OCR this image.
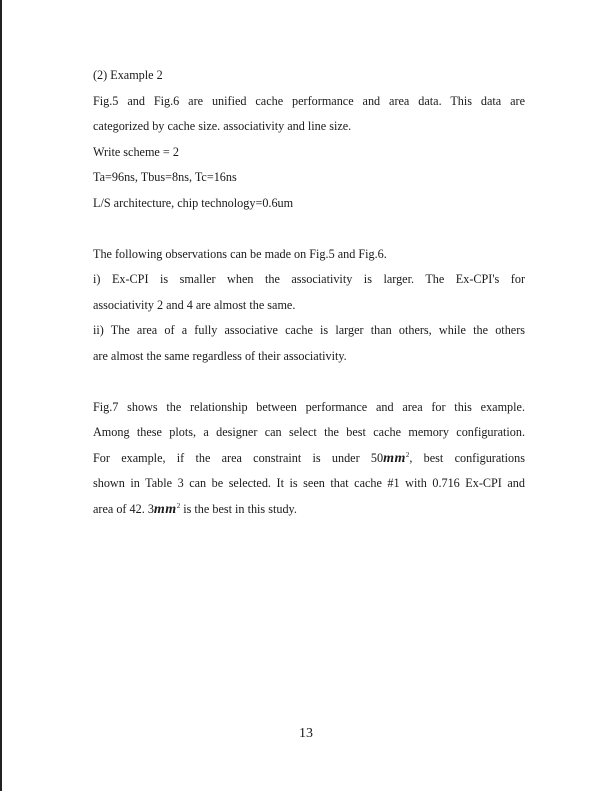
(2) Example 2
Fig.5 and Fig.6 are unified cache performance and area data. This data are
categorized by cache size. associativity and line size.
Write scheme = 2
Ta=96ns, Tbus=8ns, Tc=16ns
L/S architecture, chip technology=0.6um
The following observations can be made on Fig.5 and Fig.6.
i) Ex-CPI is smaller when the associativity is larger. The Ex-CPI's for
associativity 2 and 4 are almost the same.
ii) The area of a fully associative cache is larger than others, while the others
are almost the same regardless of their associativity.
Fig.7 shows the relationship between performance and area for this example.
Among these plots, a designer can select the best cache memory configuration.
For example, if the area constraint is under $50mm^2$, best configurations
shown in Table 3 can be selected. It is seen that cache #1 with 0.716 Ex-CPI and
area of 42. $3mm^2$ is the best in this study.
13
